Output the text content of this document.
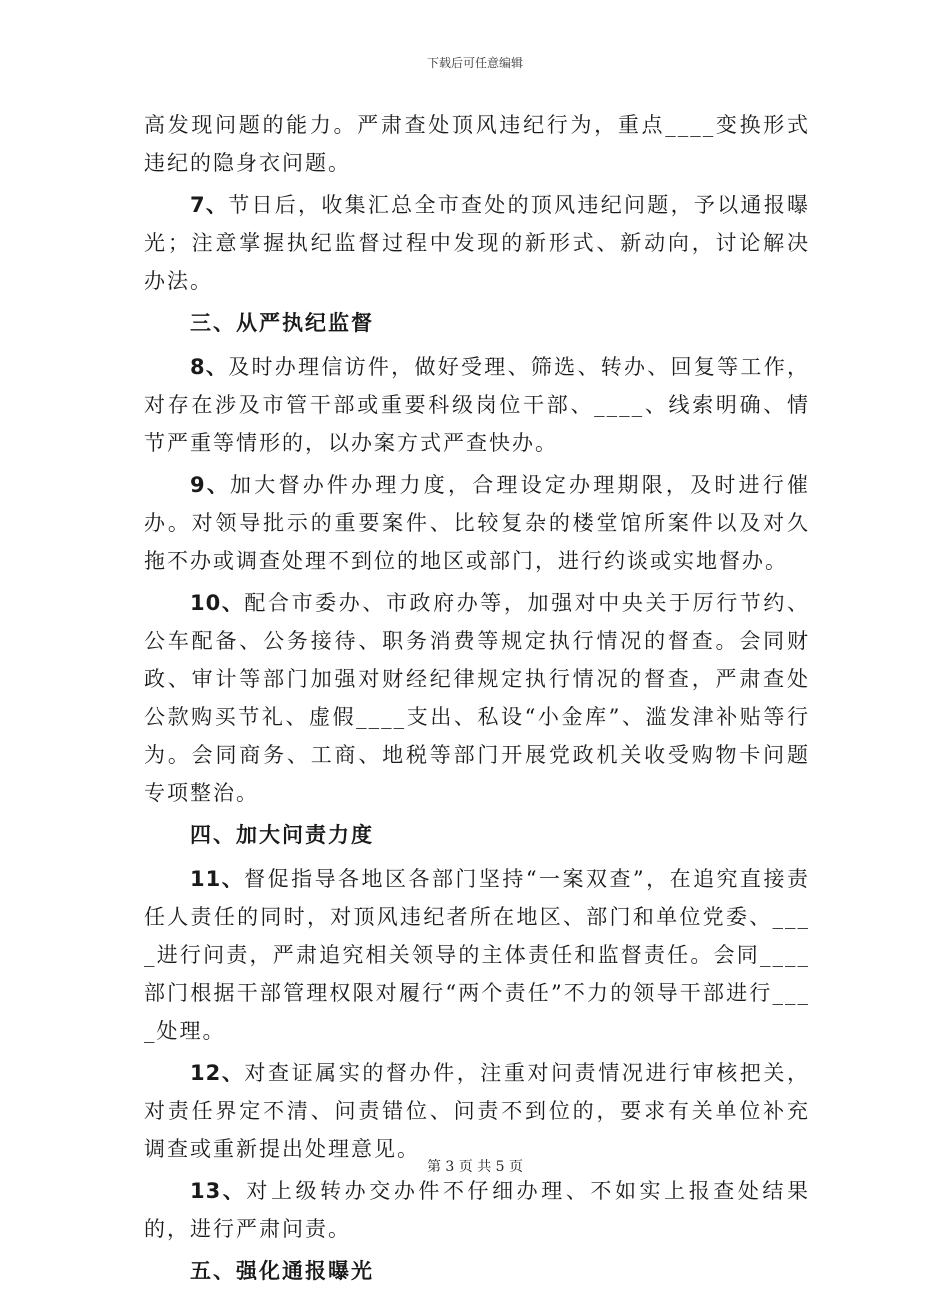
下载后可任意编辑
高发现问题的能力。严肃查处顶风违纪行为，重点____变换形式违纪的隐身衣问题。
7、节日后，收集汇总全市查处的顶风违纪问题，予以通报曝光；注意掌握执纪监督过程中发现的新形式、新动向，讨论解决办法。
三、从严执纪监督
8、及时办理信访件，做好受理、筛选、转办、回复等工作，对存在涉及市管干部或重要科级岗位干部、____、线索明确、情节严重等情形的，以办案方式严查快办。
9、加大督办件办理力度，合理设定办理期限，及时进行催办。对领导批示的重要案件、比较复杂的楼堂馆所案件以及对久拖不办或调查处理不到位的地区或部门，进行约谈或实地督办。
10、配合市委办、市政府办等，加强对中央关于厉行节约、公车配备、公务接待、职务消费等规定执行情况的督查。会同财政、审计等部门加强对财经纪律规定执行情况的督查，严肃查处公款购买节礼、虚假____支出、私设“小金库”、滥发津补贴等行为。会同商务、工商、地税等部门开展党政机关收受购物卡问题专项整治。
四、加大问责力度
11、督促指导各地区各部门坚持“一案双查”，在追究直接责任人责任的同时，对顶风违纪者所在地区、部门和单位党委、____进行问责，严肃追究相关领导的主体责任和监督责任。会同____部门根据干部管理权限对履行“两个责任”不力的领导干部进行____处理。
12、对查证属实的督办件，注重对问责情况进行审核把关，对责任界定不清、问责错位、问责不到位的，要求有关单位补充调查或重新提出处理意见。
13、对上级转办交办件不仔细办理、不如实上报查处结果的，进行严肃问责。
五、强化通报曝光
第 3 页 共 5 页
